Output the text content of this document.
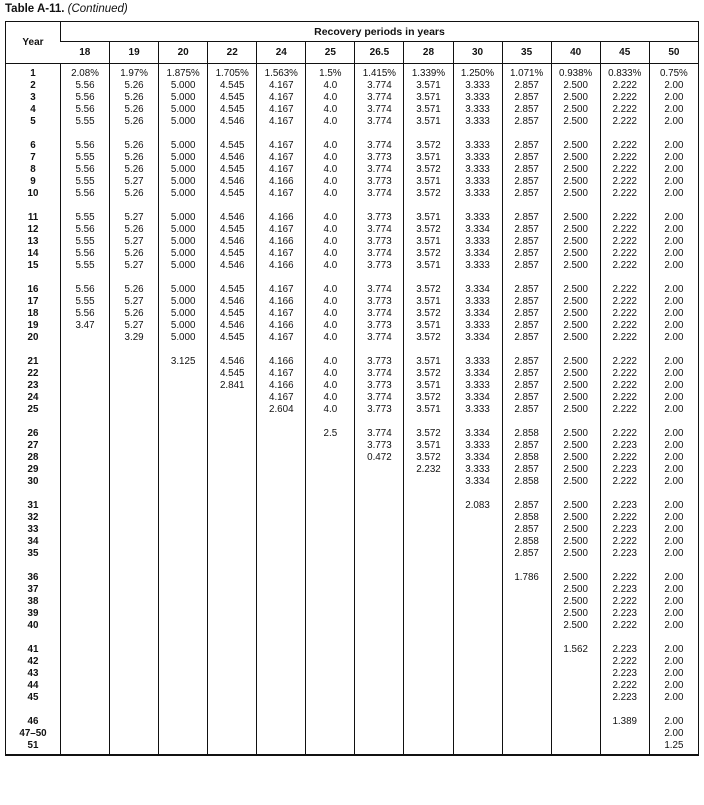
Table A-11. (Continued)
Year	Recovery periods in years												
	18	19	20	22	24	25	26.5	28	30	35	40	45	50

1	2.08%	1.97%	1.875%	1.705%	1.563%	1.5%	1.415%	1.339%	1.250%	1.071%	0.938%	0.833%	0.75%
2	5.56	5.26	5.000	4.545	4.167	4.0	3.774	3.571	3.333	2.857	2.500	2.222	2.00
3	5.56	5.26	5.000	4.545	4.167	4.0	3.774	3.571	3.333	2.857	2.500	2.222	2.00
4	5.56	5.26	5.000	4.545	4.167	4.0	3.774	3.571	3.333	2.857	2.500	2.222	2.00
5	5.55	5.26	5.000	4.546	4.167	4.0	3.774	3.571	3.333	2.857	2.500	2.222	2.00

6	5.56	5.26	5.000	4.545	4.167	4.0	3.774	3.572	3.333	2.857	2.500	2.222	2.00
7	5.55	5.26	5.000	4.546	4.167	4.0	3.773	3.571	3.333	2.857	2.500	2.222	2.00
8	5.56	5.26	5.000	4.545	4.167	4.0	3.774	3.572	3.333	2.857	2.500	2.222	2.00
9	5.55	5.27	5.000	4.546	4.166	4.0	3.773	3.571	3.333	2.857	2.500	2.222	2.00
10	5.56	5.26	5.000	4.545	4.167	4.0	3.774	3.572	3.333	2.857	2.500	2.222	2.00

11	5.55	5.27	5.000	4.546	4.166	4.0	3.773	3.571	3.333	2.857	2.500	2.222	2.00
12	5.56	5.26	5.000	4.545	4.167	4.0	3.774	3.572	3.334	2.857	2.500	2.222	2.00
13	5.55	5.27	5.000	4.546	4.166	4.0	3.773	3.571	3.333	2.857	2.500	2.222	2.00
14	5.56	5.26	5.000	4.545	4.167	4.0	3.774	3.572	3.334	2.857	2.500	2.222	2.00
15	5.55	5.27	5.000	4.546	4.166	4.0	3.773	3.571	3.333	2.857	2.500	2.222	2.00

16	5.56	5.26	5.000	4.545	4.167	4.0	3.774	3.572	3.334	2.857	2.500	2.222	2.00
17	5.55	5.27	5.000	4.546	4.166	4.0	3.773	3.571	3.333	2.857	2.500	2.222	2.00
18	5.56	5.26	5.000	4.545	4.167	4.0	3.774	3.572	3.334	2.857	2.500	2.222	2.00
19	3.47	5.27	5.000	4.546	4.166	4.0	3.773	3.571	3.333	2.857	2.500	2.222	2.00
20		3.29	5.000	4.545	4.167	4.0	3.774	3.572	3.334	2.857	2.500	2.222	2.00

21			3.125	4.546	4.166	4.0	3.773	3.571	3.333	2.857	2.500	2.222	2.00
22				4.545	4.167	4.0	3.774	3.572	3.334	2.857	2.500	2.222	2.00
23				2.841	4.166	4.0	3.773	3.571	3.333	2.857	2.500	2.222	2.00
24					4.167	4.0	3.774	3.572	3.334	2.857	2.500	2.222	2.00
25					2.604	4.0	3.773	3.571	3.333	2.857	2.500	2.222	2.00

26						2.5	3.774	3.572	3.334	2.858	2.500	2.222	2.00
27							3.773	3.571	3.333	2.857	2.500	2.223	2.00
28							0.472	3.572	3.334	2.858	2.500	2.222	2.00
29								2.232	3.333	2.857	2.500	2.223	2.00
30									3.334	2.858	2.500	2.222	2.00

31									2.083	2.857	2.500	2.223	2.00
32										2.858	2.500	2.222	2.00
33										2.857	2.500	2.223	2.00
34										2.858	2.500	2.222	2.00
35										2.857	2.500	2.223	2.00

36										1.786	2.500	2.222	2.00
37											2.500	2.223	2.00
38											2.500	2.222	2.00
39											2.500	2.223	2.00
40											2.500	2.222	2.00

41											1.562	2.223	2.00
42												2.222	2.00
43												2.223	2.00
44												2.222	2.00
45												2.223	2.00

46												1.389	2.00
47–50													2.00
51													1.25
